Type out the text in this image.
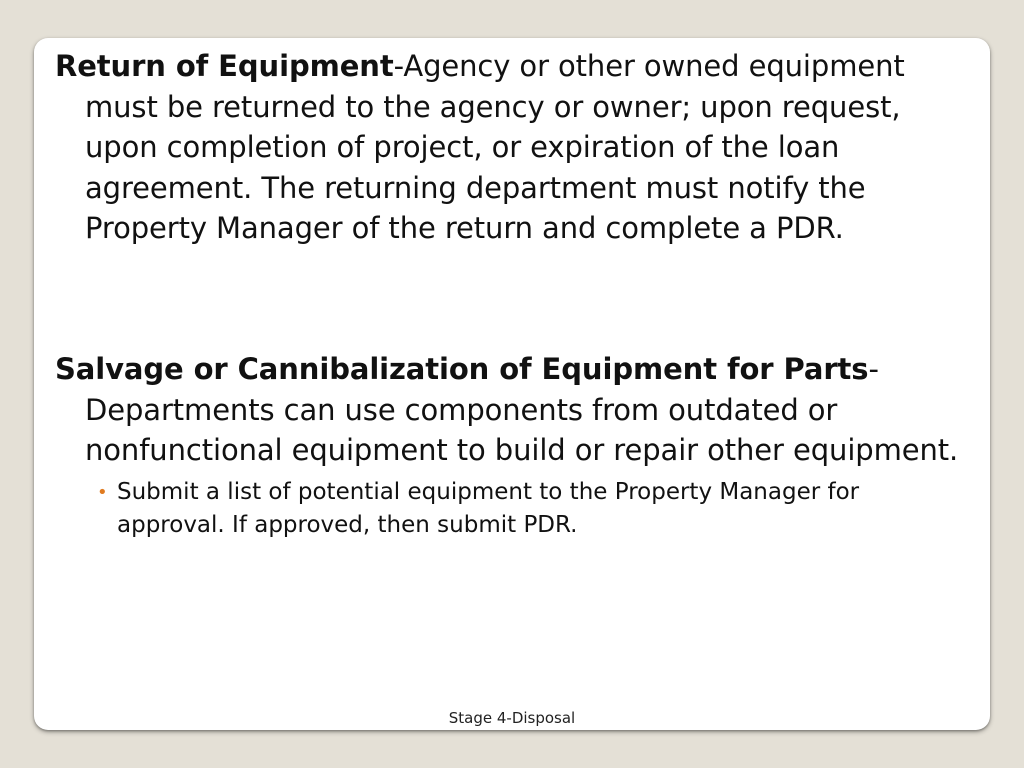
Return of Equipment-Agency or other owned equipment must be returned to the agency or owner; upon request, upon completion of project, or expiration of the loan agreement. The returning department must notify the Property Manager of the return and complete a PDR.

Salvage or Cannibalization of Equipment for Parts-Departments can use components from outdated or nonfunctional equipment to build or repair other equipment.

• Submit a list of potential equipment to the Property Manager for approval. If approved, then submit PDR.
Stage 4-Disposal
